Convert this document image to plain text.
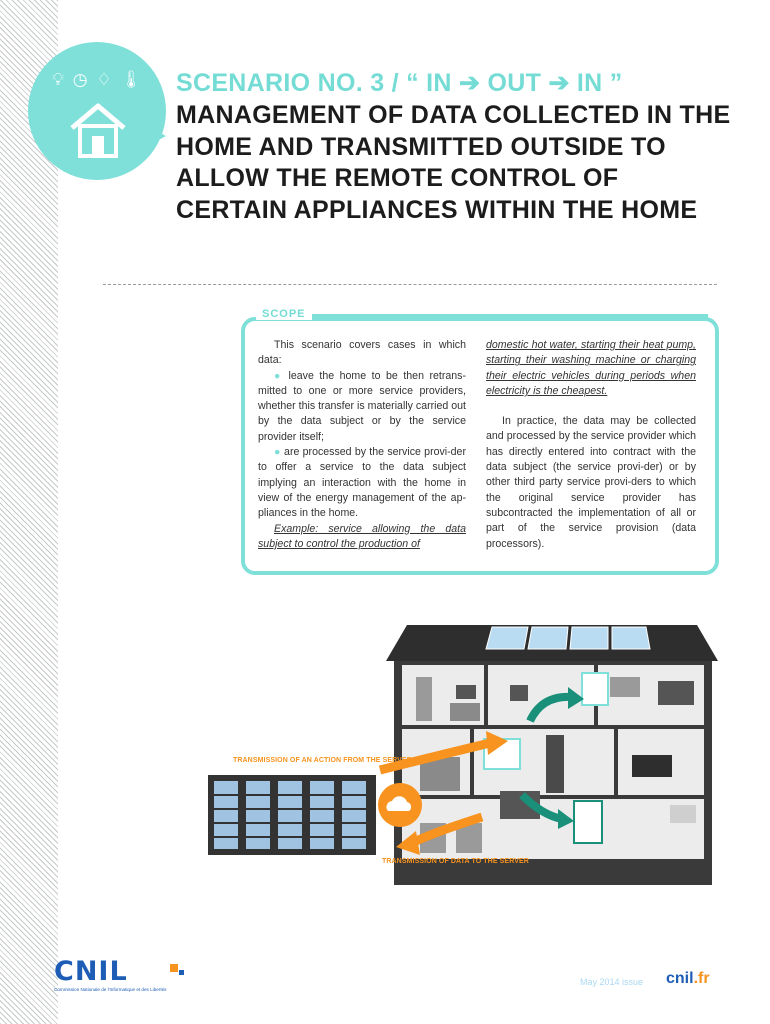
💡︎ ◷ ♢ 🌡︎ SCENARIO NO. 3 / “ IN ➔ OUT ➔ IN ”
MANAGEMENT OF DATA COLLECTED IN THE HOME AND TRANSMITTED OUTSIDE TO ALLOW THE REMOTE CONTROL OF CERTAIN APPLIANCES WITHIN THE HOME
SCOPE

This scenario covers cases in which data:

● leave the home to be then retrans-mitted to one or more service providers, whether this transfer is materially carried out by the data subject or by the service provider itself;

● are processed by the service provi-der to offer a service to the data subject implying an interaction with the home in view of the energy management of the ap-pliances in the home.

Example: service allowing the data subject to control the production of

domestic hot water, starting their heat pump, starting their washing machine or charging their electric vehicles during periods when electricity is the cheapest.

In practice, the data may be collected and processed by the service provider which has directly entered into contract with the data subject (the service provi-der) or by other third party service provi-ders to which the original service provider has subcontracted the implementation of all or part of the service provision (data processors).

TRANSMISSION OF AN ACTION FROM THE SERVER
TRANSMISSION OF DATA TO THE SERVER
CNIL
Commission Nationale de l'Informatique et des Libertés
May 2014 issue cnil.fr
